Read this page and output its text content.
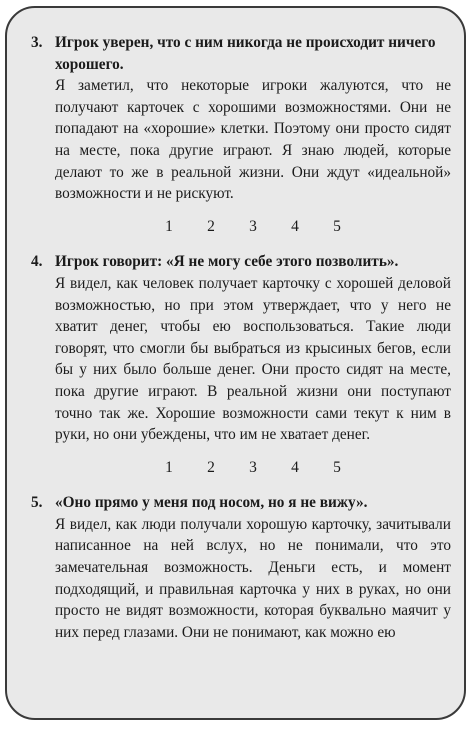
3. Игрок уверен, что с ним никогда не происходит ничего хорошего.
Я заметил, что некоторые игроки жалуются, что не получают карточек с хорошими возможностями. Они не попадают на «хорошие» клетки. Поэтому они просто сидят на месте, пока другие играют. Я знаю людей, которые делают то же в реальной жизни. Они ждут «идеальной» возможности и не рискуют.
1 2 3 4 5
4. Игрок говорит: «Я не могу себе этого позволить».
Я видел, как человек получает карточку с хорошей деловой возможностью, но при этом утверждает, что у него не хватит денег, чтобы ею воспользоваться. Такие люди говорят, что смогли бы выбраться из крысиных бегов, если бы у них было больше денег. Они просто сидят на месте, пока другие играют. В реальной жизни они поступают точно так же. Хорошие возможности сами текут к ним в руки, но они убеждены, что им не хватает денег.
1 2 3 4 5
5. «Оно прямо у меня под носом, но я не вижу».
Я видел, как люди получали хорошую карточку, зачитывали написанное на ней вслух, но не понимали, что это замечательная возможность. Деньги есть, и момент подходящий, и правильная карточка у них в руках, но они просто не видят возможности, которая буквально маячит у них перед глазами. Они не понимают, как можно ею
